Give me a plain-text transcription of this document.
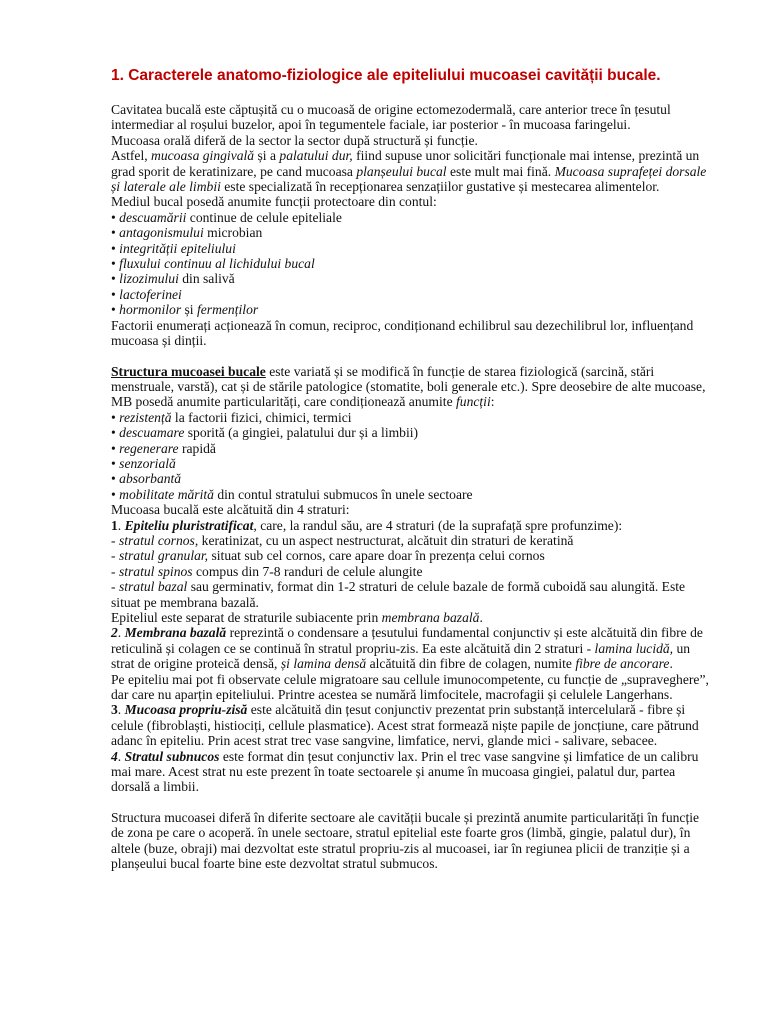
1. Caracterele anatomo-fiziologice ale epiteliului mucoasei cavității bucale.

Cavitatea bucală este căptușită cu o mucoasă de origine ectomezodermală, care anterior trece în țesutul intermediar al roșului buzelor, apoi în tegumentele faciale, iar posterior - în mucoasa faringelui.

Mucoasa orală diferă de la sector la sector după structură și funcție.

Astfel, mucoasa gingivală și a palatului dur, fiind supuse unor solicitări funcționale mai intense, prezintă un grad sporit de keratinizare, pe cand mucoasa planșeului bucal este mult mai fină. Mucoasa suprafeței dorsale și laterale ale limbii este specializată în recepționarea senzațiilor gustative și mestecarea alimentelor.

Mediul bucal posedă anumite funcții protectoare din contul:

• descuamării continue de celule epiteliale

• antagonismului microbian

• integrității epiteliului

• fluxului continuu al lichidului bucal

• lizozimului din salivă

• lactoferinei

• hormonilor și fermenților

Factorii enumerați acționează în comun, reciproc, condiționand echilibrul sau dezechilibrul lor, influențand mucoasa și dinții.

Structura mucoasei bucale este variată și se modifică în funcție de starea fiziologică (sarcină, stări menstruale, varstă), cat și de stările patologice (stomatite, boli generale etc.). Spre deosebire de alte mucoase, MB posedă anumite particularități, care condiționează anumite funcții:

• rezistență la factorii fizici, chimici, termici

• descuamare sporită (a gingiei, palatului dur și a limbii)

• regenerare rapidă

• senzorială

• absorbantă

• mobilitate mărită din contul stratului submucos în unele sectoare

Mucoasa bucală este alcătuită din 4 straturi:

1. Epiteliu pluristratificat, care, la randul său, are 4 straturi (de la suprafață spre profunzime):

- stratul cornos, keratinizat, cu un aspect nestructurat, alcătuit din straturi de keratină

- stratul granular, situat sub cel cornos, care apare doar în prezența celui cornos

- stratul spinos compus din 7-8 randuri de celule alungite

- stratul bazal sau germinativ, format din 1-2 straturi de celule bazale de formă cuboidă sau alungită. Este situat pe membrana bazală.

Epiteliul este separat de straturile subiacente prin membrana bazală.

2. Membrana bazală reprezintă o condensare a țesutului fundamental conjunctiv și este alcătuită din fibre de reticulină și colagen ce se continuă în stratul propriu-zis. Ea este alcătuită din 2 straturi - lamina lucidă, un strat de origine proteică densă, și lamina densă alcătuită din fibre de colagen, numite fibre de ancorare.

Pe epiteliu mai pot fi observate celule migratoare sau cellule imunocompetente, cu funcție de „supraveghere”, dar care nu aparțin epiteliului. Printre acestea se numără limfocitele, macrofagii și celulele Langerhans.

3. Mucoasa propriu-zisă este alcătuită din țesut conjunctiv prezentat prin substanță intercelulară - fibre și celule (fibroblaști, histiociți, cellule plasmatice). Acest strat formează niște papile de joncțiune, care pătrund adanc în epiteliu. Prin acest strat trec vase sangvine, limfatice, nervi, glande mici - salivare, sebacee.

4. Stratul subnucos este format din țesut conjunctiv lax. Prin el trec vase sangvine și limfatice de un calibru mai mare. Acest strat nu este prezent în toate sectoarele și anume în mucoasa gingiei, palatul dur, partea dorsală a limbii.

Structura mucoasei diferă în diferite sectoare ale cavității bucale și prezintă anumite particularități în funcție de zona pe care o acoperă. în unele sectoare, stratul epitelial este foarte gros (limbă, gingie, palatul dur), în altele (buze, obraji) mai dezvoltat este stratul propriu-zis al mucoasei, iar în regiunea plicii de tranziție și a planșeului bucal foarte bine este dezvoltat stratul submucos.
